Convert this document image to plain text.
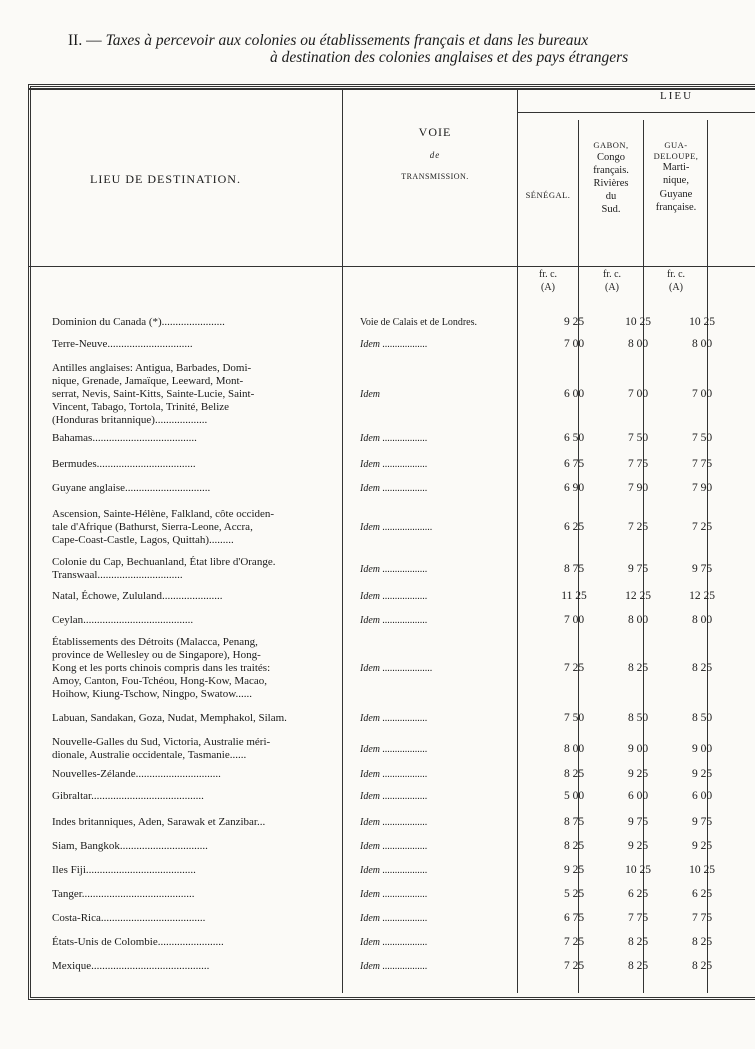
II. — Taxes à percevoir aux colonies ou établissements français et dans les bureaux
à destination des colonies anglaises et des pays étrangers
LIEU
LIEU DE DESTINATION.
VOIE
de
TRANSMISSION.
SÉNÉGAL.
GABON,
Congo
français.
Rivières
du
Sud.
GUA-
DELOUPE,
Marti-
nique,
Guyane
française.
fr. c.
(A)
fr. c.
(A)
fr. c.
(A)
Dominion du Canada (*).......................	Voie de Calais et de Londres.	9 25	10 25	10 25
Terre-Neuve...............................	Idem ..................	7 00	8 00	8 00
Antilles anglaises: Antigua, Barbades, Domi-
nique, Grenade, Jamaïque, Leeward, Mont-
serrat, Nevis, Saint-Kitts, Sainte-Lucie, Saint-
Vincent, Tabago, Tortola, Trinité, Belize
(Honduras britannique)...................
Idem	6 00	7 00	7 00
Bahamas......................................	Idem ..................	6 50	7 50	7 50
Bermudes....................................	Idem ..................	6 75	7 75	7 75
Guyane anglaise...............................	Idem ..................	6 90	7 90	7 90
Ascension, Sainte-Hélène, Falkland, côte occiden-
tale d'Afrique (Bathurst, Sierra-Leone, Accra,
Cape-Coast-Castle, Lagos, Quittah).........
Idem ....................	6 25	7 25	7 25
Colonie du Cap, Bechuanland, État libre d'Orange.
Transwaal...............................	Idem ..................	8 75	9 75	9 75
Natal, Échowe, Zululand......................	Idem ..................	11 25	12 25	12 25
Ceylan........................................	Idem ..................	7 00	8 00	8 00
Établissements des Détroits (Malacca, Penang,
province de Wellesley ou de Singapore), Hong-
Kong et les ports chinois compris dans les traités:
Amoy, Canton, Fou-Tchéou, Hong-Kow, Macao,
Hoihow, Kiung-Tschow, Ningpo, Swatow......
Idem ....................	7 25	8 25	8 25
Labuan, Sandakan, Goza, Nudat, Memphakol, Silam.	Idem ..................	7 50	8 50	8 50
Nouvelle-Galles du Sud, Victoria, Australie méri-
dionale, Australie occidentale, Tasmanie......	Idem ..................	8 00	9 00	9 00
Nouvelles-Zélande...............................	Idem ..................	8 25	9 25	9 25
Gibraltar.........................................	Idem ..................	5 00	6 00	6 00
Indes britanniques, Aden, Sarawak et Zanzibar...	Idem ..................	8 75	9 75	9 75
Siam, Bangkok................................	Idem ..................	8 25	9 25	9 25
Iles Fiji........................................	Idem ..................	9 25	10 25	10 25
Tanger.........................................	Idem ..................	5 25	6 25	6 25
Costa-Rica......................................	Idem ..................	6 75	7 75	7 75
États-Unis de Colombie........................	Idem ..................	7 25	8 25	8 25
Mexique...........................................	Idem ..................	7 25	8 25	8 25
